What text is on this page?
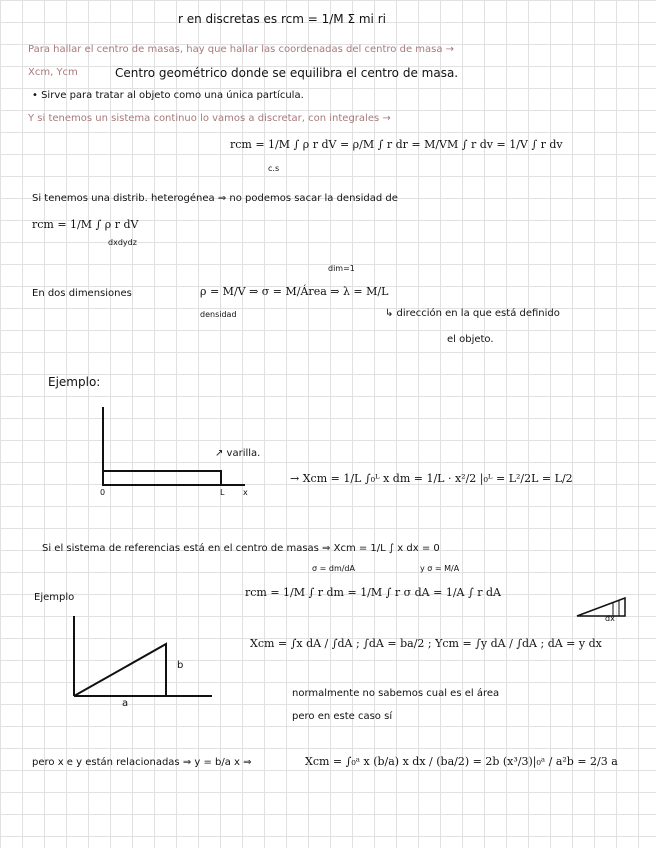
r en discretas es rcm = 1/M Σ mi ri
Para hallar el centro de masas, hay que hallar las coordenadas del centro de masa →
Xcm, Ycm	Centro geométrico donde se equilibra el centro de masa.
• Sirve para tratar al objeto como una única partícula.
Y si tenemos un sistema continuo lo vamos a discretar, con integrales →
rcm = 1/M ∫ ρ r dV = ρ/M ∫ r dr = M/VM ∫ r dv = 1/V ∫ r dv
c.s
Si tenemos una distrib. heterogénea ⇒ no podemos sacar la densidad de
rcm = 1/M ∫ ρ r dV
dxdydz
dim=1
En dos dimensiones	ρ = M/V ⇒ σ = M/Área ⇒ λ = M/L
densidad	↳ dirección en la que está definido
el objeto.
Ejemplo:
↗ varilla.
0	L x
→ Xcm = 1/L ∫₀ᴸ x dm = 1/L · x²/2 |₀ᴸ = L²/2L = L/2
Si el sistema de referencias está en el centro de masas ⇒ Xcm = 1/L ∫ x dx = 0
σ = dm/dA	y σ = M/A
Ejemplo	rcm = 1/M ∫ r dm = 1/M ∫ r σ dA = 1/A ∫ r dA
b
a
dx
Xcm = ∫x dA / ∫dA ; ∫dA = ba/2 ; Ycm = ∫y dA / ∫dA ; dA = y dx
normalmente no sabemos cual es el área
pero en este caso sí
pero x e y están relacionadas ⇒ y = b/a x ⇒	Xcm = ∫₀ᵃ x (b/a) x dx / (ba/2) = 2b (x³/3)|₀ᵃ / a²b = 2/3 a
